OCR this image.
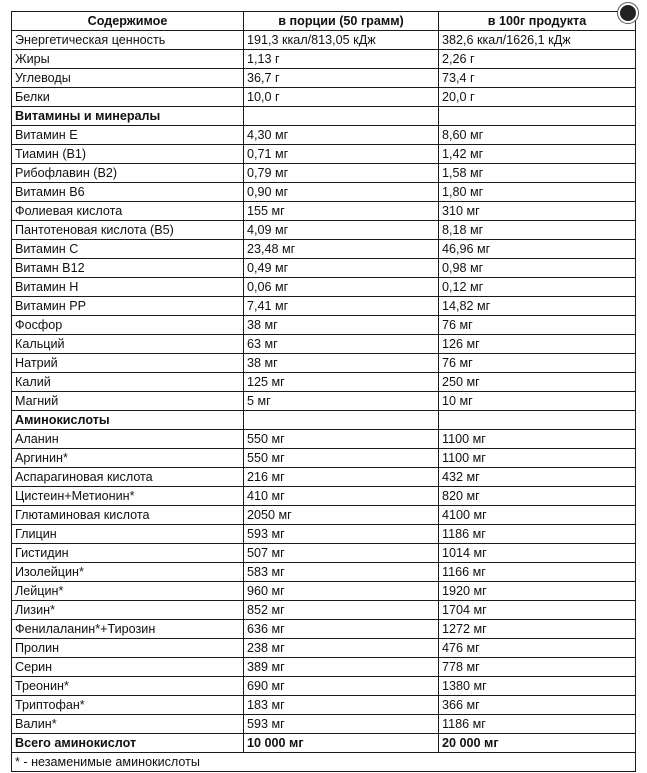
Содержимое	в порции (50 грамм)	в 100г продукта
Энергетическая ценность	191,3 ккал/813,05 кДж	382,6 ккал/1626,1 кДж
Жиры	1,13 г	2,26 г
Углеводы	36,7 г	73,4 г
Белки	10,0 г	20,0 г
Витамины и минералы		
Витамин Е	4,30 мг	8,60 мг
Тиамин (В1)	0,71 мг	1,42 мг
Рибофлавин (В2)	0,79 мг	1,58 мг
Витамин В6	0,90 мг	1,80 мг
Фолиевая кислота	155 мг	310 мг
Пантотеновая кислота (В5)	4,09 мг	8,18 мг
Витамин С	23,48 мг	46,96 мг
Витамн В12	0,49 мг	0,98 мг
Витамин Н	0,06 мг	0,12 мг
Витамин РР	7,41 мг	14,82 мг
Фосфор	38 мг	76 мг
Кальций	63 мг	126 мг
Натрий	38 мг	76 мг
Калий	125 мг	250 мг
Магний	5 мг	10 мг
Аминокислоты		
Аланин	550 мг	1100 мг
Аргинин*	550 мг	1100 мг
Аспарагиновая кислота	216 мг	432 мг
Цистеин+Метионин*	410 мг	820 мг
Глютаминовая кислота	2050 мг	4100 мг
Глицин	593 мг	1186 мг
Гистидин	507 мг	1014 мг
Изолейцин*	583 мг	1166 мг
Лейцин*	960 мг	1920 мг
Лизин*	852 мг	1704 мг
Фенилаланин*+Тирозин	636 мг	1272 мг
Пролин	238 мг	476 мг
Серин	389 мг	778 мг
Треонин*	690 мг	1380 мг
Триптофан*	183 мг	366 мг
Валин*	593 мг	1186 мг
Всего аминокислот	10 000 мг	20 000 мг
* - незаменимые аминокислоты		
